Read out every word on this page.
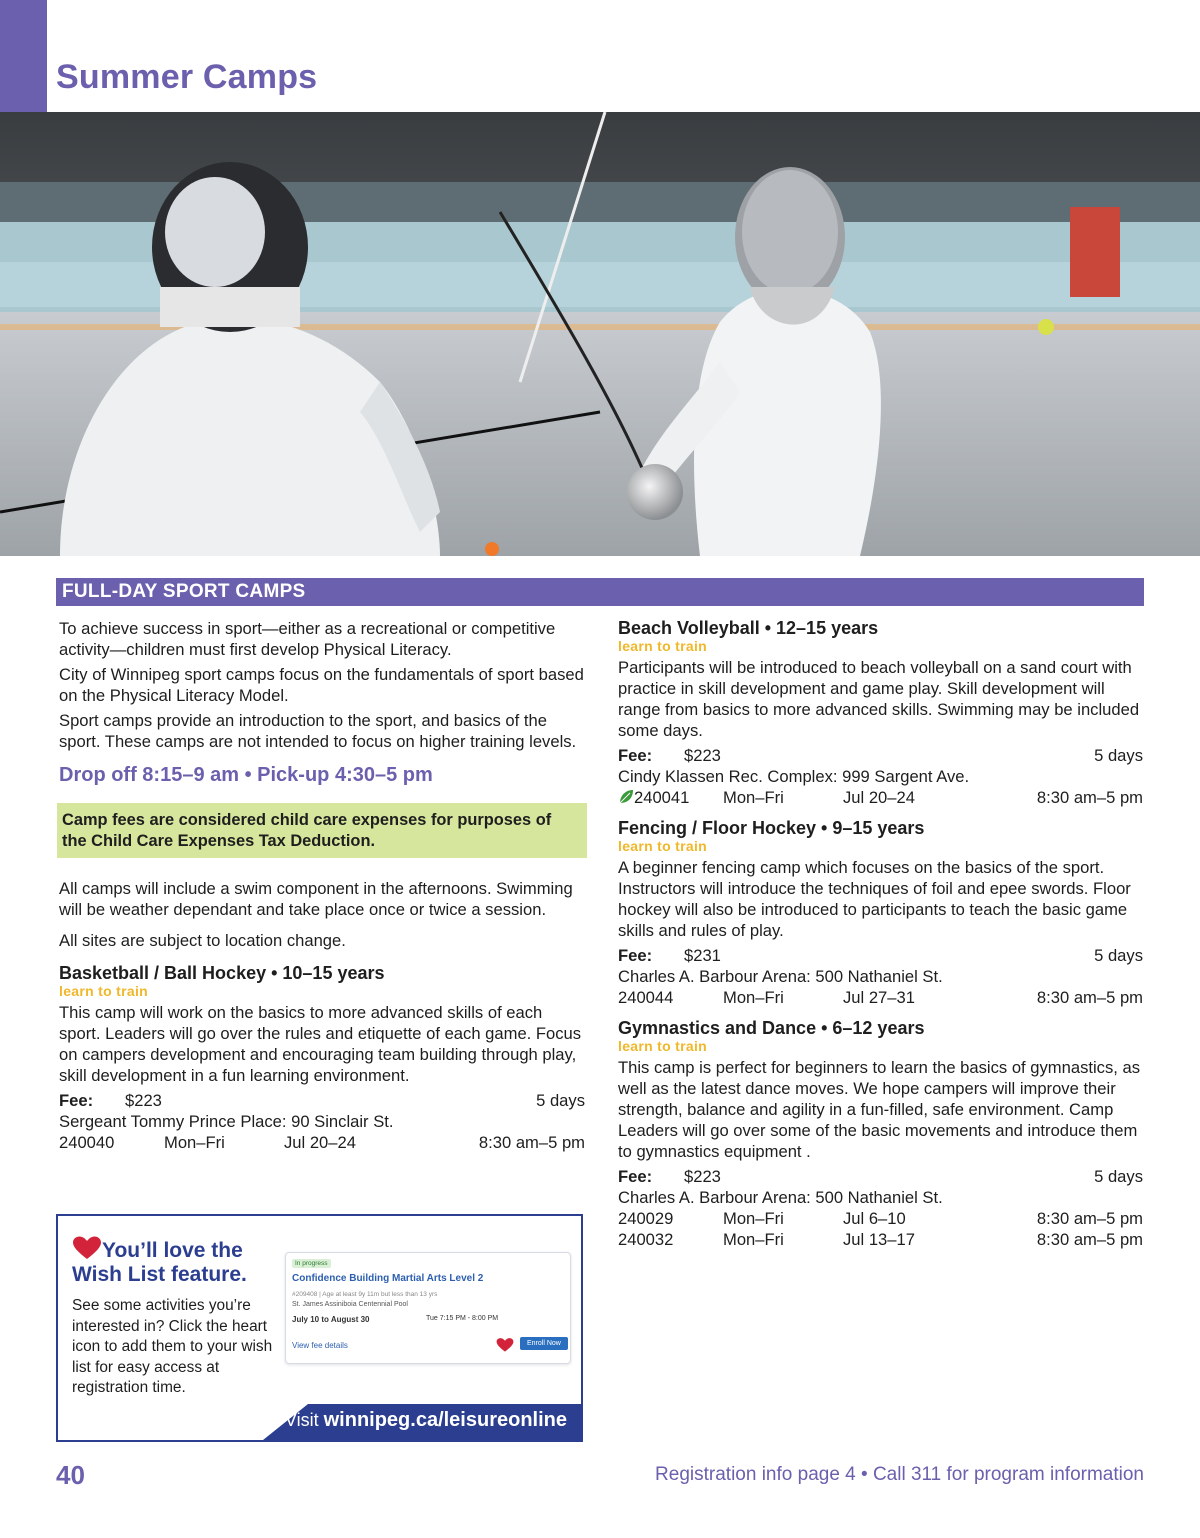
Summer Camps
FULL-DAY SPORT CAMPS

To achieve success in sport—either as a recreational or competitive activity—children must first develop Physical Literacy.

City of Winnipeg sport camps focus on the fundamentals of sport based on the Physical Literacy Model.

Sport camps provide an introduction to the sport, and basics of the sport. These camps are not intended to focus on higher training levels.

Drop off 8:15–9 am • Pick-up 4:30–5 pm

Camp fees are considered child care expenses for purposes of the Child Care Expenses Tax Deduction.

All camps will include a swim component in the afternoons. Swimming will be weather dependant and take place once or twice a session.

All sites are subject to location change.

Basketball / Ball Hockey • 10–15 years
learn to train

This camp will work on the basics to more advanced skills of each sport. Leaders will go over the rules and etiquette of each game. Focus on campers development and encouraging team building through play, skill development in a fun learning environment.

Fee: $223	5 days
Sergeant Tommy Prince Place: 90 Sinclair St.
240040	Mon–Fri	Jul 20–24	8:30 am–5 pm
Beach Volleyball • 12–15 years
learn to train

Participants will be introduced to beach volleyball on a sand court with practice in skill development and game play. Skill development will range from basics to more advanced skills. Swimming may be included some days.

Fee: $223	5 days
Cindy Klassen Rec. Complex: 999 Sargent Ave.
240041	Mon–Fri	Jul 20–24	8:30 am–5 pm
Fencing / Floor Hockey • 9–15 years
learn to train

A beginner fencing camp which focuses on the basics of the sport. Instructors will introduce the techniques of foil and epee swords. Floor hockey will also be introduced to participants to teach the basic game skills and rules of play.

Fee: $231	5 days
Charles A. Barbour Arena: 500 Nathaniel St.
240044	Mon–Fri	Jul 27–31	8:30 am–5 pm
Gymnastics and Dance • 6–12 years
learn to train

This camp is perfect for beginners to learn the basics of gymnastics, as well as the latest dance moves. We hope campers will improve their strength, balance and agility in a fun-filled, safe environment. Camp Leaders will go over some of the basic movements and introduce them to gymnastics equipment .

Fee: $223	5 days
Charles A. Barbour Arena: 500 Nathaniel St.
240029	Mon–Fri	Jul 6–10	8:30 am–5 pm
240032	Mon–Fri	Jul 13–17	8:30 am–5 pm
You’ll love the
Wish List feature.

See some activities you’re interested in? Click the heart icon to add them to your wish list for easy access at registration time.

In progress
Confidence Building Martial Arts Level 2
#209408 | Age at least 9y 11m but less than 13 yrs
St. James Assiniboia Centennial Pool
July 10 to August 30	Tue 7:15 PM - 8:00 PM
View fee details	Enroll Now
Visit winnipeg.ca/leisureonline
40	Registration info page 4 • Call 311 for program information
